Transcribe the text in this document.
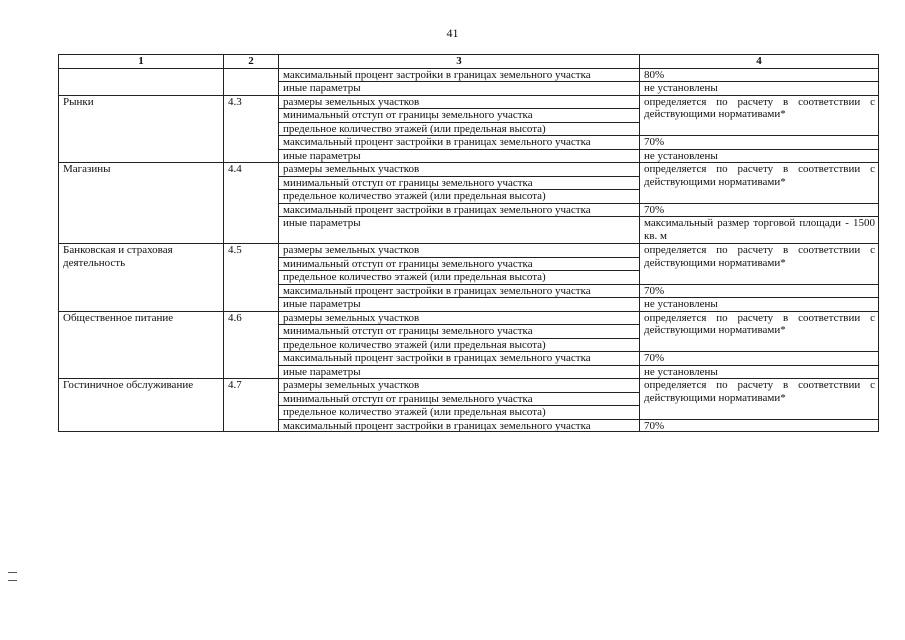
41
1	2	3	4
		максимальный процент застройки в границах земельного участка	80%
		иные параметры	не установлены
Рынки	4.3	размеры земельных участков	определяется по расчету в соответствии с действующими нормативами*
		минимальный отступ от границы земельного участка	
		предельное количество этажей (или предельная высота)	
		максимальный процент застройки в границах земельного участка	70%
		иные параметры	не установлены
Магазины	4.4	размеры земельных участков	определяется по расчету в соответствии с действующими нормативами*
		минимальный отступ от границы земельного участка	
		предельное количество этажей (или предельная высота)	
		максимальный процент застройки в границах земельного участка	70%
		иные параметры	максимальный размер торговой площади - 1500 кв. м
Банковская и страховая деятельность	4.5	размеры земельных участков	определяется по расчету в соответствии с действующими нормативами*
		минимальный отступ от границы земельного участка	
		предельное количество этажей (или предельная высота)	
		максимальный процент застройки в границах земельного участка	70%
		иные параметры	не установлены
Общественное питание	4.6	размеры земельных участков	определяется по расчету в соответствии с действующими нормативами*
		минимальный отступ от границы земельного участка	
		предельное количество этажей (или предельная высота)	
		максимальный процент застройки в границах земельного участка	70%
		иные параметры	не установлены
Гостиничное обслуживание	4.7	размеры земельных участков	определяется по расчету в соответствии с действующими нормативами*
		минимальный отступ от границы земельного участка	
		предельное количество этажей (или предельная высота)	

		максимальный процент застройки в границах земельного участка	70%
